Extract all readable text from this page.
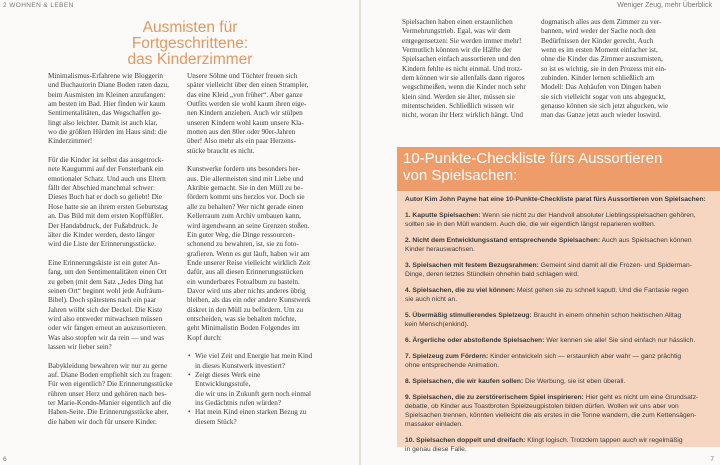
2 WOHNEN & LEBEN	Weniger Zeug, mehr Überblick
6	7
Ausmisten für Fortgeschrittene:
das Kinderzimmer

Minimalismus-Erfahrene wie Bloggerin
und Buchautorin Diane Boden raten dazu,
beim Ausmisten im Kleinen anzufangen:
am besten im Bad. Hier finden wir kaum
Sentimentalitäten, das Wegschaffen ge-
lingt also leichter. Damit ist auch klar,
wo die größten Hürden im Haus sind: die
Kinderzimmer!

Für die Kinder ist selbst das ausgetrock-
nete Kaugummi auf der Fensterbank ein
emotionaler Schatz. Und auch uns Eltern
fällt der Abschied manchmal schwer:
Dieses Buch hat er doch so geliebt! Die
Hose hatte sie an ihrem ersten Geburtstag
an. Das Bild mit dem ersten Kopffüßler.
Der Handabdruck, der Fußabdruck. Je
älter die Kinder werden, desto länger
wird die Liste der Erinnerungsstücke.

Eine Erinnerungskiste ist ein guter An-
fang, um den Sentimentalitäten einen Ort
zu geben (mit dem Satz „Jedes Ding hat
seinen Ort“ beginnt wohl jede Aufräum-
Bibel). Doch spätestens nach ein paar
Jahren wölbt sich der Deckel. Die Kiste
wird also entweder mitwachsen müssen
oder wir fangen erneut an auszusortieren.
Was also stopfen wir da rein — und was
lassen wir lieber sein?

Babykleidung bewahren wir nur zu gerne
auf. Diane Boden empfiehlt sich zu fragen:
Für wen eigentlich? Die Erinnerungsstücke
rühren unser Herz und gehören nach bes-
ter Marie-Kondo-Manier eigentlich auf die
Haben-Seite. Die Erinnerungsstücke aber,
die haben wir doch für unsere Kinder.

Unsere Söhne und Töchter freuen sich
später vielleicht über den einen Strampler,
das eine Kleid „von früher“. Aber ganze
Outfits werden sie wohl kaum ihren eige-
nen Kindern anziehen. Auch wir stülpen
unseren Kindern wohl kaum unsere Kla-
motten aus den 80er oder 90er-Jahren
über! Also mehr als ein paar Herzens-
stücke braucht es nicht.

Kunstwerke fordern uns besonders her-
aus. Die allermeisten sind mit Liebe und
Akribie gemacht. Sie in den Müll zu be-
fördern kommt uns herzlos vor. Doch sie
alle zu behalten? Wer nicht gerade einen
Kellerraum zum Archiv umbauen kann,
wird irgendwann an seine Grenzen stoßen.
Ein guter Weg, die Dinge ressourcen-
schonend zu bewahren, ist, sie zu foto-
grafieren. Wenn es gut läuft, haben wir am
Ende unserer Reise vielleicht wirklich Zeit
dafür, aus all diesen Erinnerungsstücken
ein wunderbares Fotoalbum zu basteln.
Davor wird uns aber nichts anderes übrig
bleiben, als das ein oder andere Kunstwerk
diskret in den Müll zu befördern. Um zu
entscheiden, was sie behalten möchte,
geht Minimalistin Boden Folgendes im
Kopf durch:

• Wie viel Zeit und Energie hat mein Kind
in dieses Kunstwerk investiert?
• Zeigt dieses Werk eine Entwicklungsstufe,
die wir uns in Zukunft gern noch einmal
ins Gedächtnis rufen würden?
• Hat mein Kind einen starken Bezug zu
diesem Stück?
Spielsachen haben einen erstaunlichen
Vermehrungstrieb. Egal, was wir dem
entgegensetzen: Sie werden immer mehr!
Vermutlich könnten wir die Hälfte der
Spielsachen einfach aussortieren und den
Kindern fehlte es nicht einmal. Und trotz-
dem können wir sie allenfalls dann rigoros
wegschmeißen, wenn die Kinder noch sehr
klein sind. Werden sie älter, müssen sie
mitentscheiden. Schließlich wissen wir
nicht, woran ihr Herz wirklich hängt. Und
dogmatisch alles aus dem Zimmer zu ver-
bannen, wird weder der Sache noch den
Bedürfnissen der Kinder gerecht. Auch
wenn es im ersten Moment einfacher ist,
ohne die Kinder das Zimmer auszumisten,
so ist es wichtig, sie in den Prozess mit ein-
zubinden. Kinder lernen schließlich am
Modell: Das Anhäufen von Dingen haben
sie sich vielleicht sogar von uns abgeguckt,
genauso können sie sich jetzt abgucken, wie
man das Ganze jetzt auch wieder loswird.
10-Punkte-Checkliste fürs Aussortieren
von Spielsachen:
Autor Kim John Payne hat eine 10-Punkte-Checkliste parat fürs Aussortieren von Spielsachen:
1. Kaputte Spielsachen: Wenn sie nicht zu der Handvoll absoluter Lieblingsspielsachen gehören,
sollten sie in den Müll wandern. Auch die, die wir eigentlich längst reparieren wollten.
2. Nicht dem Entwicklungsstand entsprechende Spielsachen: Auch aus Spielsachen können
Kinder herauswachsen.
3. Spielsachen mit festem Bezugsrahmen: Gemeint sind damit all die Frozen- und Spiderman-
Dinge, deren letztes Stündlein ohnehin bald schlagen wird.
4. Spielsachen, die zu viel können: Meist gehen sie zu schnell kaputt. Und die Fantasie regen
sie auch nicht an.
5. Übermäßig stimulierendes Spielzeug: Braucht in einem ohnehin schon hektischen Alltag
kein Mensch(enkind).
6. Ärgerliche oder abstoßende Spielsachen: Wer kennen sie alle! Sie sind einfach nur hässlich.
7. Spielzeug zum Fördern: Kinder entwickeln sich — erstaunlich aber wahr — ganz prächtig
ohne entsprechende Animation.
8. Spielsachen, die wir kaufen sollen: Die Werbung, sie ist eben überall.
9. Spielsachen, die zu zerstörerischem Spiel inspirieren: Hier geht es nicht um eine Grundsatz-
debatte, ob Kinder aus Toastbroten Spielzeugpistolen bilden dürfen. Wollen wir uns aber von
Spielsachen trennen, könnten vielleicht die als erstes in die Tonne wandern, die zum Kettensägen-
massaker einladen.
10. Spielsachen doppelt und dreifach: Klingt logisch. Trotzdem tappen auch wir regelmäßig
in genau diese Falle.
